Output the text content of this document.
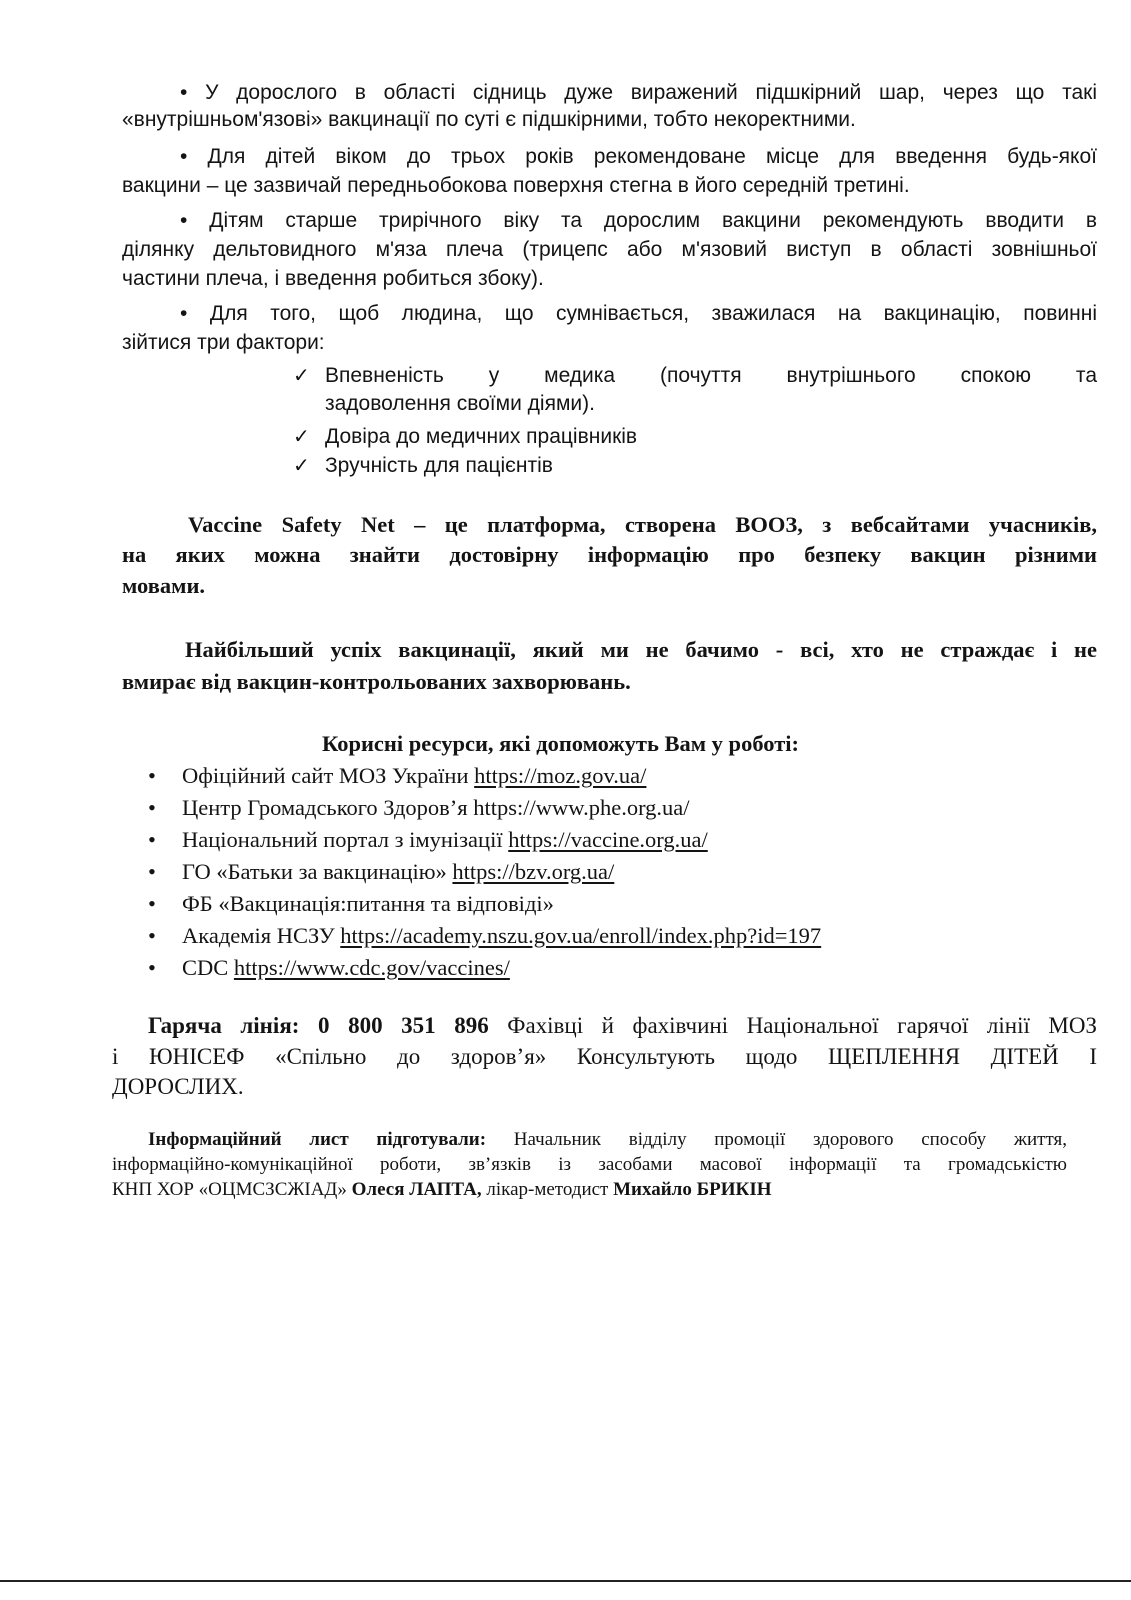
• У дорослого в області сідниць дуже виражений підшкірний шар, через що такі «внутрішньом'язові» вакцинації по суті є підшкірними, тобто некоректними.

• Для дітей віком до трьох років рекомендоване місце для введення будь-якої

вакцини – це зазвичай передньобокова поверхня стегна в його середній третині.

• Дітям старше трирічного віку та дорослим вакцини рекомендують вводити в

ділянку дельтовидного м'яза плеча (трицепс або м'язовий виступ в області зовнішньої

частини плеча, і введення робиться збоку).

• Для того, щоб людина, що сумнівається, зважилася на вакцинацію, повинні

зійтися три фактори:

✓ Впевненість у медика (почуття внутрішнього спокою та

задоволення своїми діями).

✓ Довіра до медичних працівників

✓ Зручність для пацієнтів

Vaccine Safety Net – це платформа, створена ВООЗ, з вебсайтами учасників,

на яких можна знайти достовірну інформацію про безпеку вакцин різними

мовами.

Найбільший успіх вакцинації, який ми не бачимо - всі, хто не страждає і не

вмирає від вакцин-контрольованих захворювань.

Корисні ресурси, які допоможуть Вам у роботі:

• Офіційний сайт МОЗ України https://moz.gov.ua/

• Центр Громадського Здоров’я https://www.phe.org.ua/

• Національний портал з імунізації https://vaccine.org.ua/

• ГО «Батьки за вакцинацію» https://bzv.org.ua/

• ФБ «Вакцинація:питання та відповіді»

• Академія НСЗУ https://academy.nszu.gov.ua/enroll/index.php?id=197

• CDC https://www.cdc.gov/vaccines/

Гаряча лінія: 0 800 351 896 Фахівці й фахівчині Національної гарячої лінії МОЗ

і ЮНІСЕФ «Спільно до здоров’я» Консультують щодо ЩЕПЛЕННЯ ДІТЕЙ І

ДОРОСЛИХ.

Інформаційний лист підготували: Начальник відділу промоції здорового способу життя,

інформаційно-комунікаційної роботи, зв’язків із засобами масової інформації та громадськістю

КНП ХОР «ОЦМСЗСЖІАД» Олеся ЛАПТА, лікар-методист Михайло БРИКІН
